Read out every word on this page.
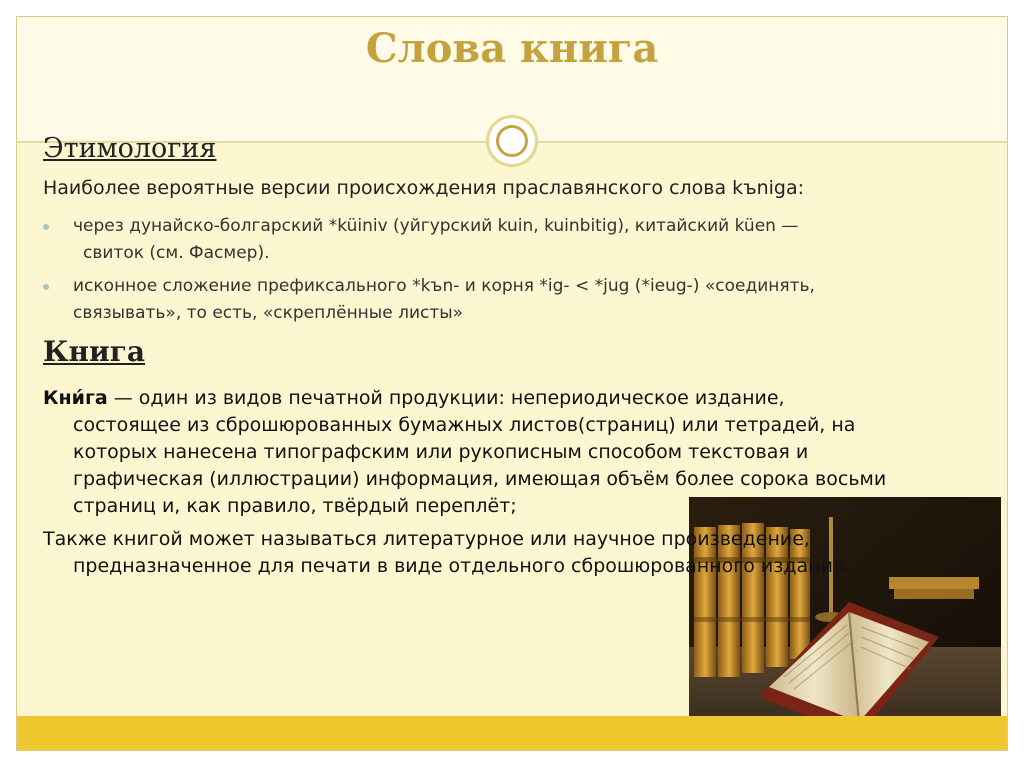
Слова книга
Этимология
Наиболее вероятные версии происхождения праславянского слова kъniga:
через дунайско-болгарский *küiniv (уйгурский kuin, kuinbitig), китайский küen —
свиток (см. Фасмер).
исконное сложение префиксального *kъn- и корня *ig- < *jug (*ieug-) «соединять,
связывать», то есть, «скреплённые листы»
Книга
Кни́га — один из видов печатной продукции: непериодическое издание,
состоящее из сброшюрованных бумажных листов(страниц) или тетрадей, на
которых нанесена типографским или рукописным способом текстовая и
графическая (иллюстрации) информация, имеющая объём более сорока восьми
страниц и, как правило, твёрдый переплёт;
Также книгой может называться литературное или научное произведение,
предназначенное для печати в виде отдельного сброшюрованного издания.
